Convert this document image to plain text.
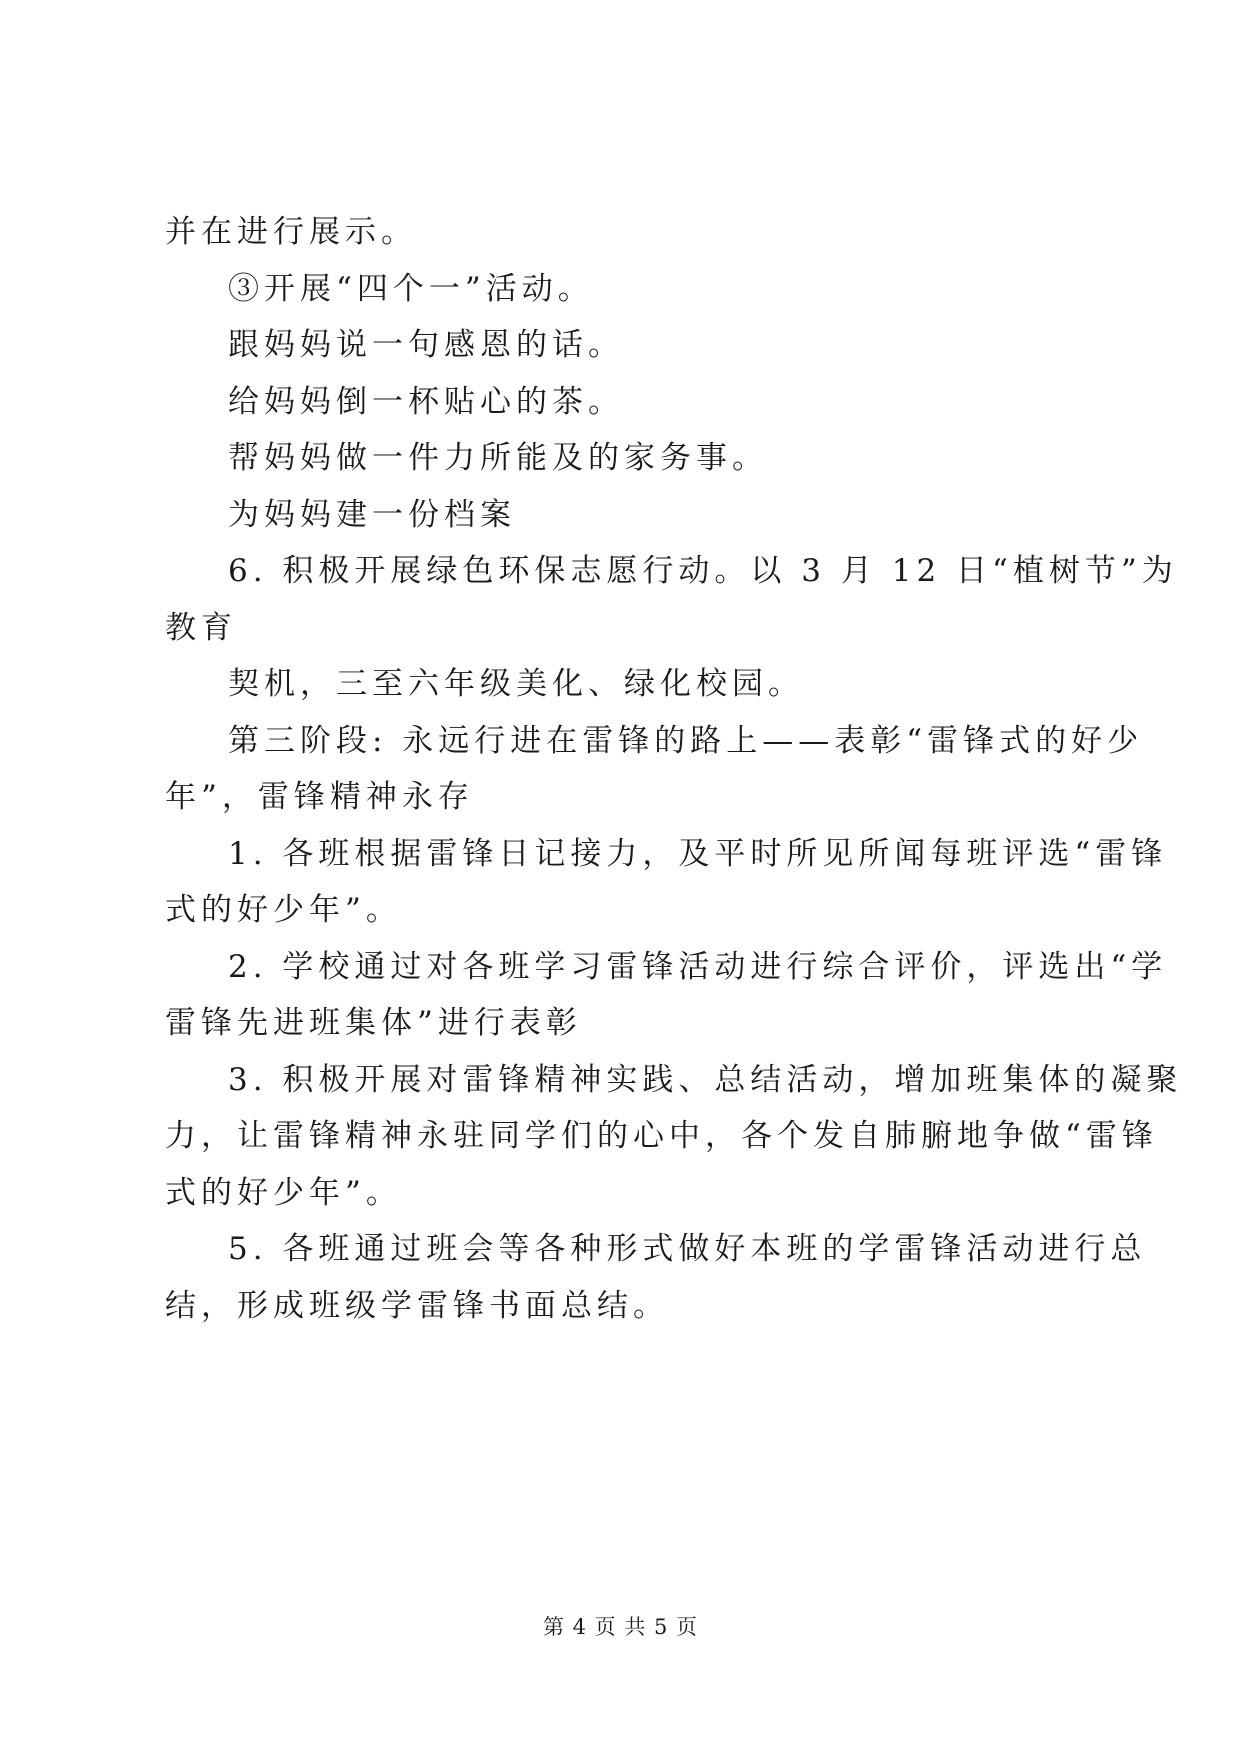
并在进行展示。
③开展“四个一”活动。
跟妈妈说一句感恩的话。
给妈妈倒一杯贴心的茶。
帮妈妈做一件力所能及的家务事。
为妈妈建一份档案
6. 积极开展绿色环保志愿行动。以 3 月 12 日“植树节”为
教育
契机，三至六年级美化、绿化校园。
第三阶段: 永远行进在雷锋的路上——表彰“雷锋式的好少
年”，雷锋精神永存
1. 各班根据雷锋日记接力，及平时所见所闻每班评选“雷锋
式的好少年”。
2. 学校通过对各班学习雷锋活动进行综合评价，评选出“学
雷锋先进班集体”进行表彰
3. 积极开展对雷锋精神实践、总结活动，增加班集体的凝聚
力，让雷锋精神永驻同学们的心中，各个发自肺腑地争做“雷锋
式的好少年”。
5. 各班通过班会等各种形式做好本班的学雷锋活动进行总
结，形成班级学雷锋书面总结。
第 4 页 共 5 页
